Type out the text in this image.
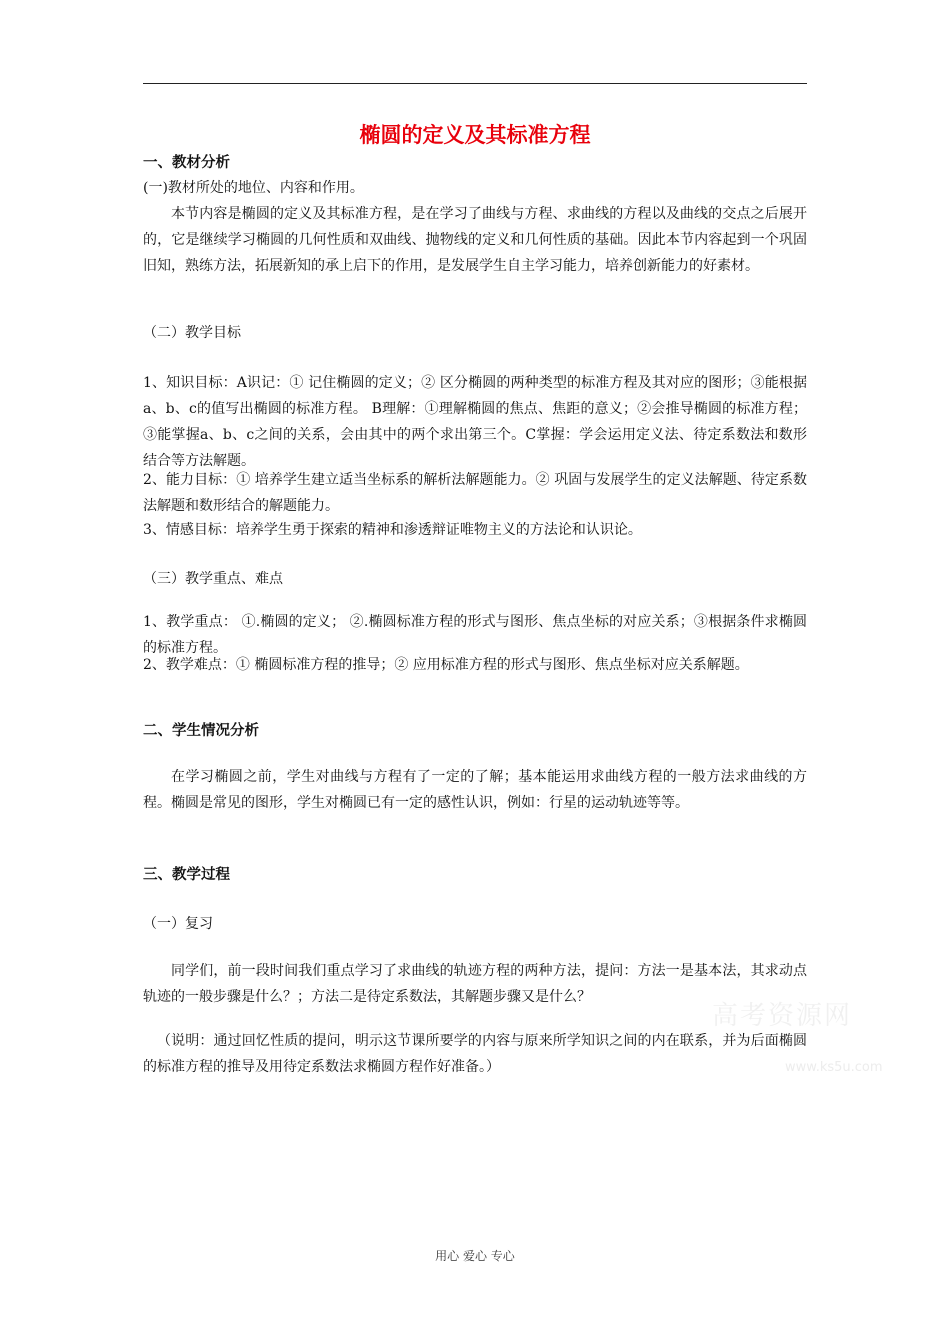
高考资源网
www.ks5u.com
椭圆的定义及其标准方程
一、教材分析
(一)教材所处的地位、内容和作用。
本节内容是椭圆的定义及其标准方程，是在学习了曲线与方程、求曲线的方程以及曲线的交点之后展开的，它是继续学习椭圆的几何性质和双曲线、抛物线的定义和几何性质的基础。因此本节内容起到一个巩固旧知，熟练方法，拓展新知的承上启下的作用，是发展学生自主学习能力，培养创新能力的好素材。
（二）教学目标
1、知识目标：A识记：① 记住椭圆的定义；② 区分椭圆的两种类型的标准方程及其对应的图形；③能根据a、b、c的值写出椭圆的标准方程。 B理解：①理解椭圆的焦点、焦距的意义；②会推导椭圆的标准方程；③能掌握a、b、c之间的关系，会由其中的两个求出第三个。C掌握：学会运用定义法、待定系数法和数形结合等方法解题。
2、能力目标：① 培养学生建立适当坐标系的解析法解题能力。② 巩固与发展学生的定义法解题、待定系数法解题和数形结合的解题能力。
3、情感目标：培养学生勇于探索的精神和渗透辩证唯物主义的方法论和认识论。
（三）教学重点、难点
1、教学重点： ①.椭圆的定义； ②.椭圆标准方程的形式与图形、焦点坐标的对应关系；③根据条件求椭圆的标准方程。
2、教学难点：① 椭圆标准方程的推导；② 应用标准方程的形式与图形、焦点坐标对应关系解题。
二、学生情况分析
在学习椭圆之前，学生对曲线与方程有了一定的了解；基本能运用求曲线方程的一般方法求曲线的方程。椭圆是常见的图形，学生对椭圆已有一定的感性认识，例如：行星的运动轨迹等等。
三、教学过程
（一）复习
同学们，前一段时间我们重点学习了求曲线的轨迹方程的两种方法，提问：方法一是基本法，其求动点轨迹的一般步骤是什么？；方法二是待定系数法，其解题步骤又是什么？
（说明：通过回忆性质的提问，明示这节课所要学的内容与原来所学知识之间的内在联系，并为后面椭圆的标准方程的推导及用待定系数法求椭圆方程作好准备。）
用心 爱心 专心
